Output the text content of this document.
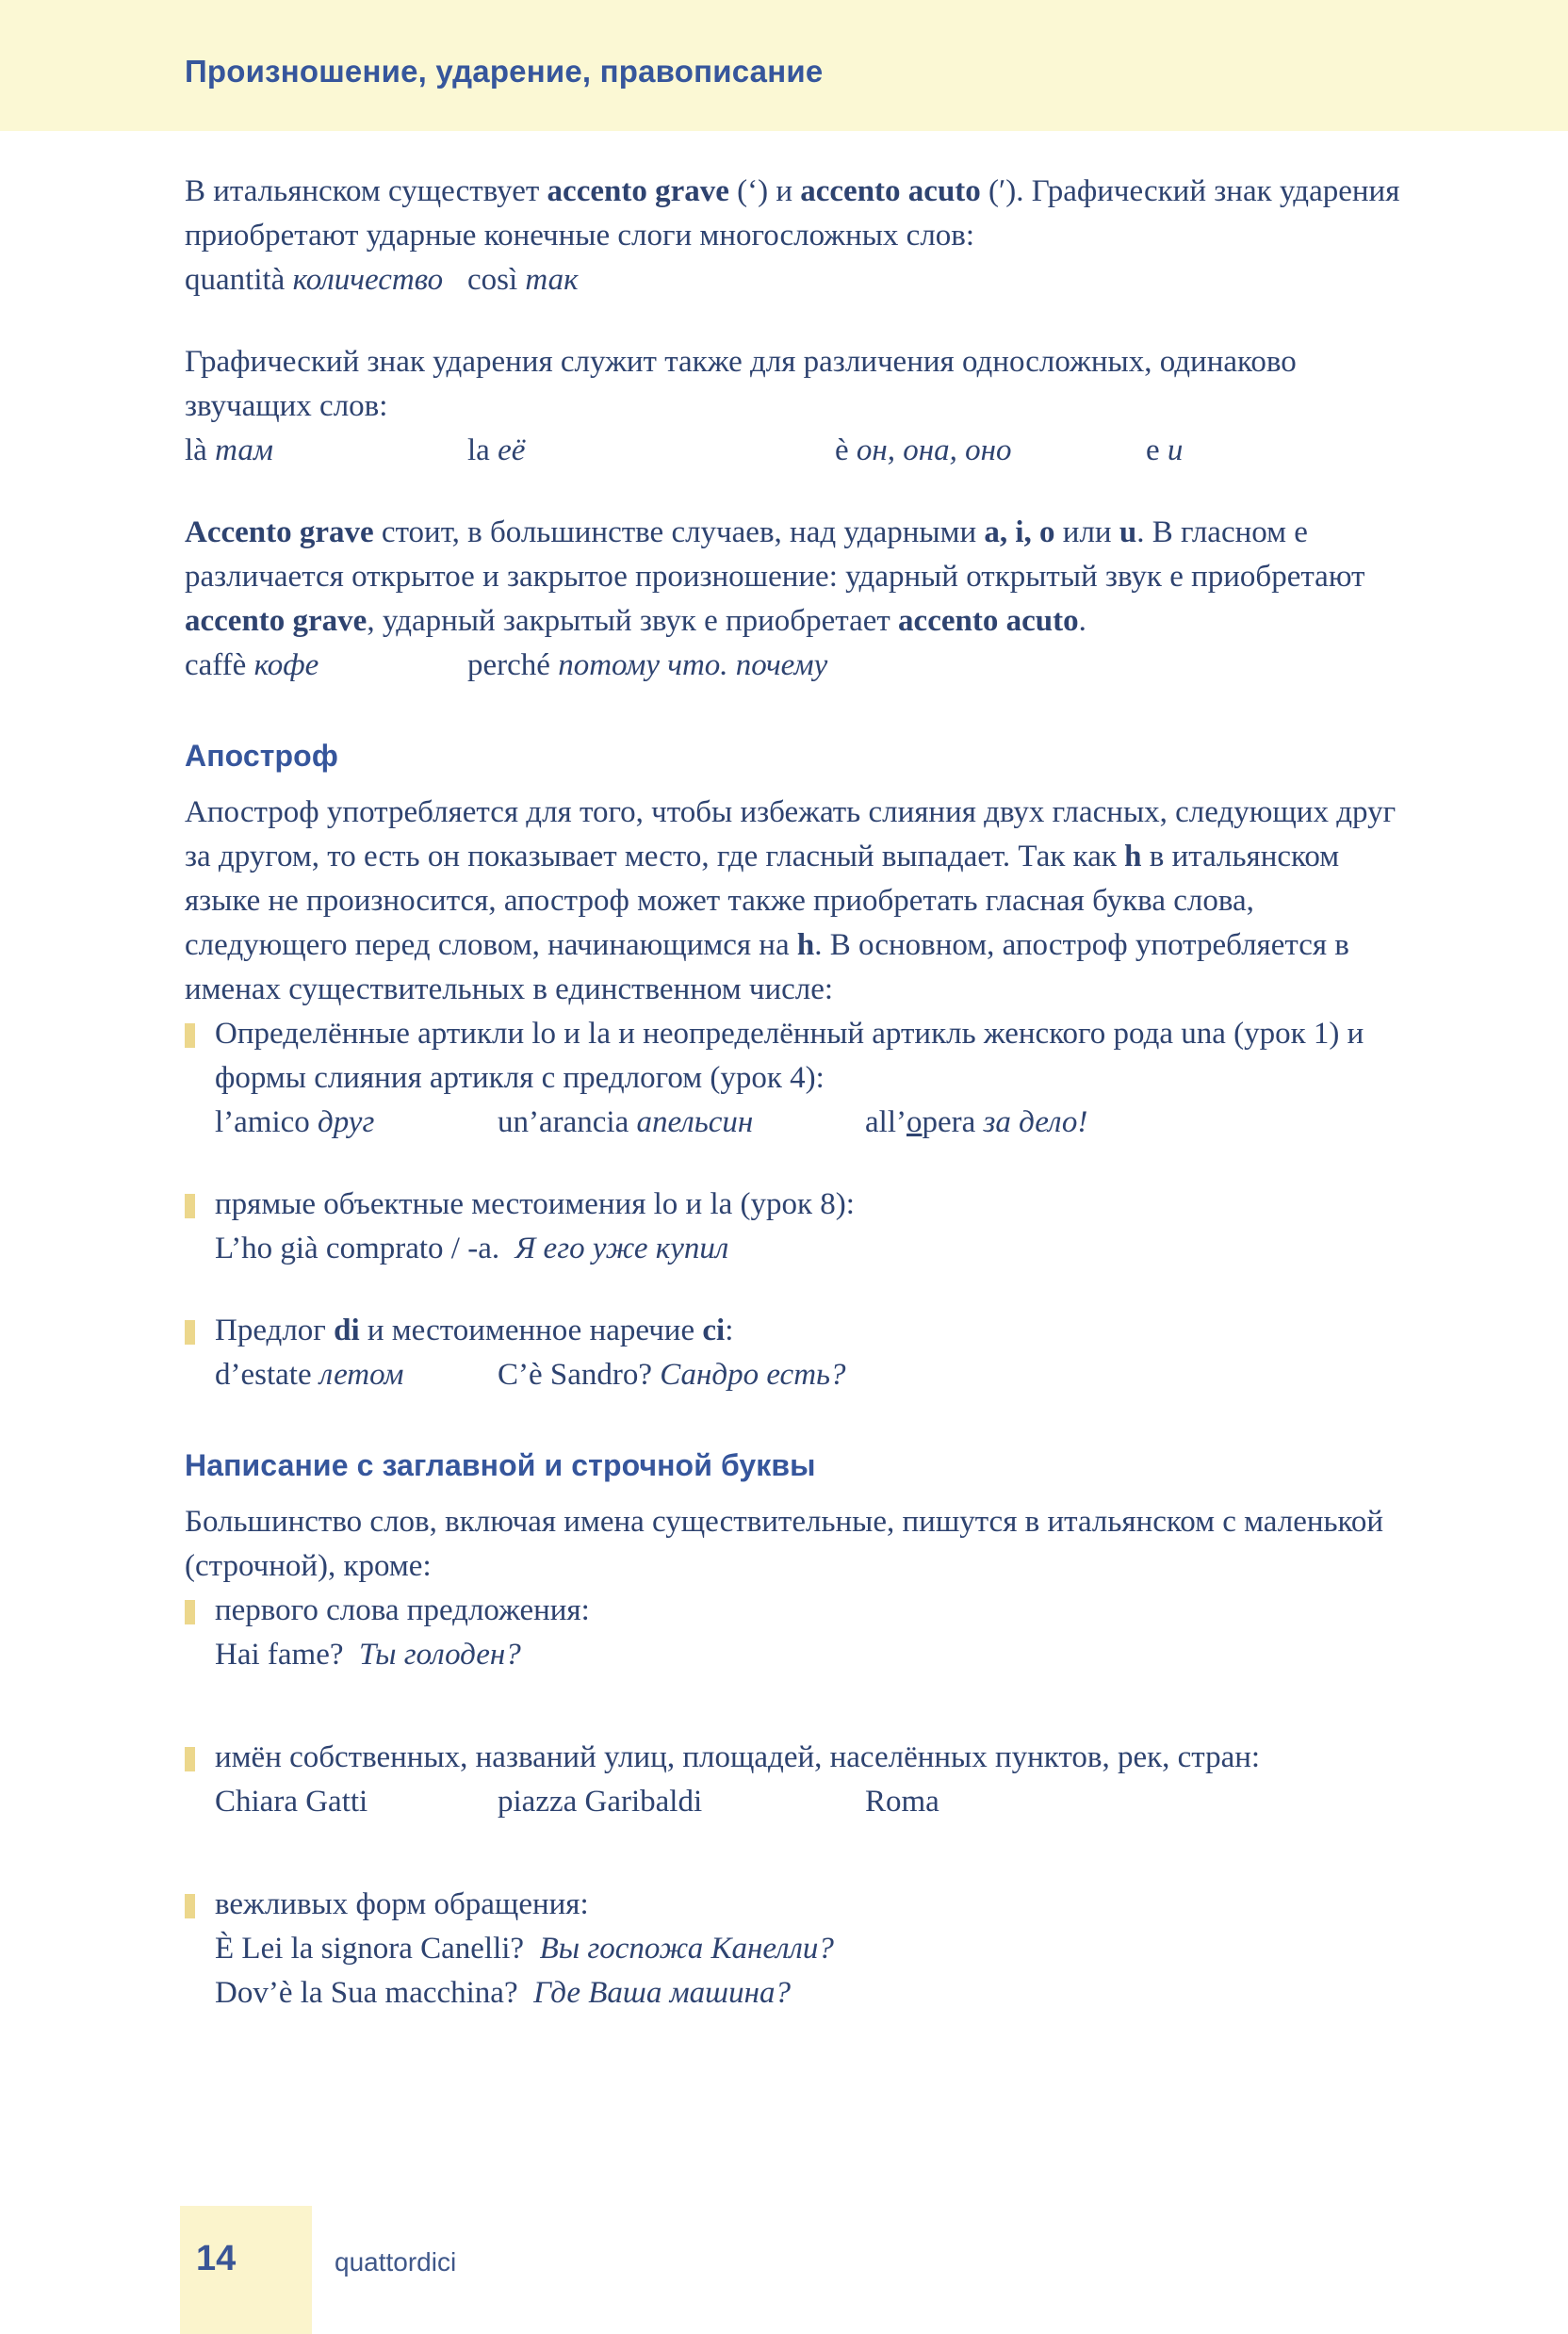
Произношение, ударение, правописание

В итальянском существует accento grave (ʻ) и accento acuto (ʹ). Графический знак ударения приобретают ударные конечные слоги многосложных слов:

quantità количество così так

Графический знак ударения служит также для различения односложных, одинаково звучащих слов:

là там	la её	è он, она, оно	e и

Accento grave стоит, в большинстве случаев, над ударными a, i, o или u. В гласном e различается открытое и закрытое произношение: ударный открытый звук e приобретают accento grave, ударный закрытый звук e приобретает accento acuto.

caffè кофе	perché потому что. почему
Апостроф

Апостроф употребляется для того, чтобы избежать слияния двух гласных, следующих друг за другом, то есть он показывает место, где гласный выпадает. Так как h в итальянском языке не произносится, апостроф может также приобретать гласная буква слова, следующего перед словом, начинающимся на h. В основном, апостроф употребляется в именах существительных в единственном числе:

Определённые артикли lo и la и неопределённый артикль женского рода una (урок 1) и формы слияния артикля с предлогом (урок 4):
l’amico друг	un’arancia апельсин	all’opera за дело!
прямые объектные местоимения lo и la (урок 8):
L’ho già comprato / -a. Я его уже купил
Предлог di и местоименное наречие ci:
d’estate летом	C’è Sandro? Сандро есть?
Написание с заглавной и строчной буквы

Большинство слов, включая имена существительные, пишутся в итальянском с маленькой (строчной), кроме:

первого слова предложения:
Hai fame? Ты голоден?
имён собственных, названий улиц, площадей, населённых пунктов, рек, стран:
Chiara Gatti	piazza Garibaldi	Roma
вежливых форм обращения:
È Lei la signora Canelli? Вы госпожа Канелли?
Dov’è la Sua macchina? Где Ваша машина?
14	quattordici
